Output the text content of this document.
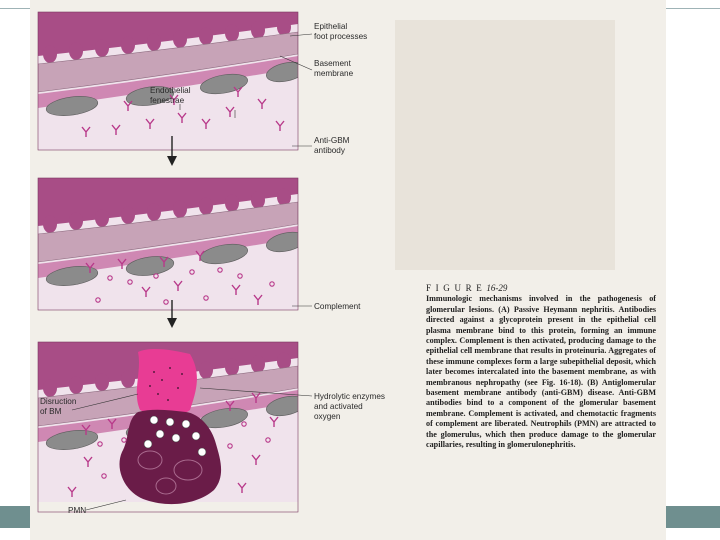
Epithelial foot processes
Basement membrane
Endothelial fenestrae
Anti-GBM antibody
Complement
Disruction of BM
Hydrolytic enzymes and activated oxygen
PMN
F I G U R E 16-29
Immunologic mechanisms involved in the pathogenesis of glomerular lesions. (A) Passive Heymann nephritis. Antibodies directed against a glycoprotein present in the epithelial cell plasma membrane bind to this protein, forming an immune complex. Complement is then activated, producing damage to the epithelial cell membrane that results in proteinuria. Aggregates of these immune complexes form a large subepithelial deposit, which later becomes intercalated into the basement membrane, as with membranous nephropathy (see Fig. 16-18). (B) Antiglomerular basement membrane antibody (anti-GBM) disease. Anti-GBM antibodies bind to a component of the glomerular basement membrane. Complement is activated, and chemotactic fragments of complement are liberated. Neutrophils (PMN) are attracted to the glomerulus, which then produce damage to the glomerular capillaries, resulting in glomerulonephritis.
